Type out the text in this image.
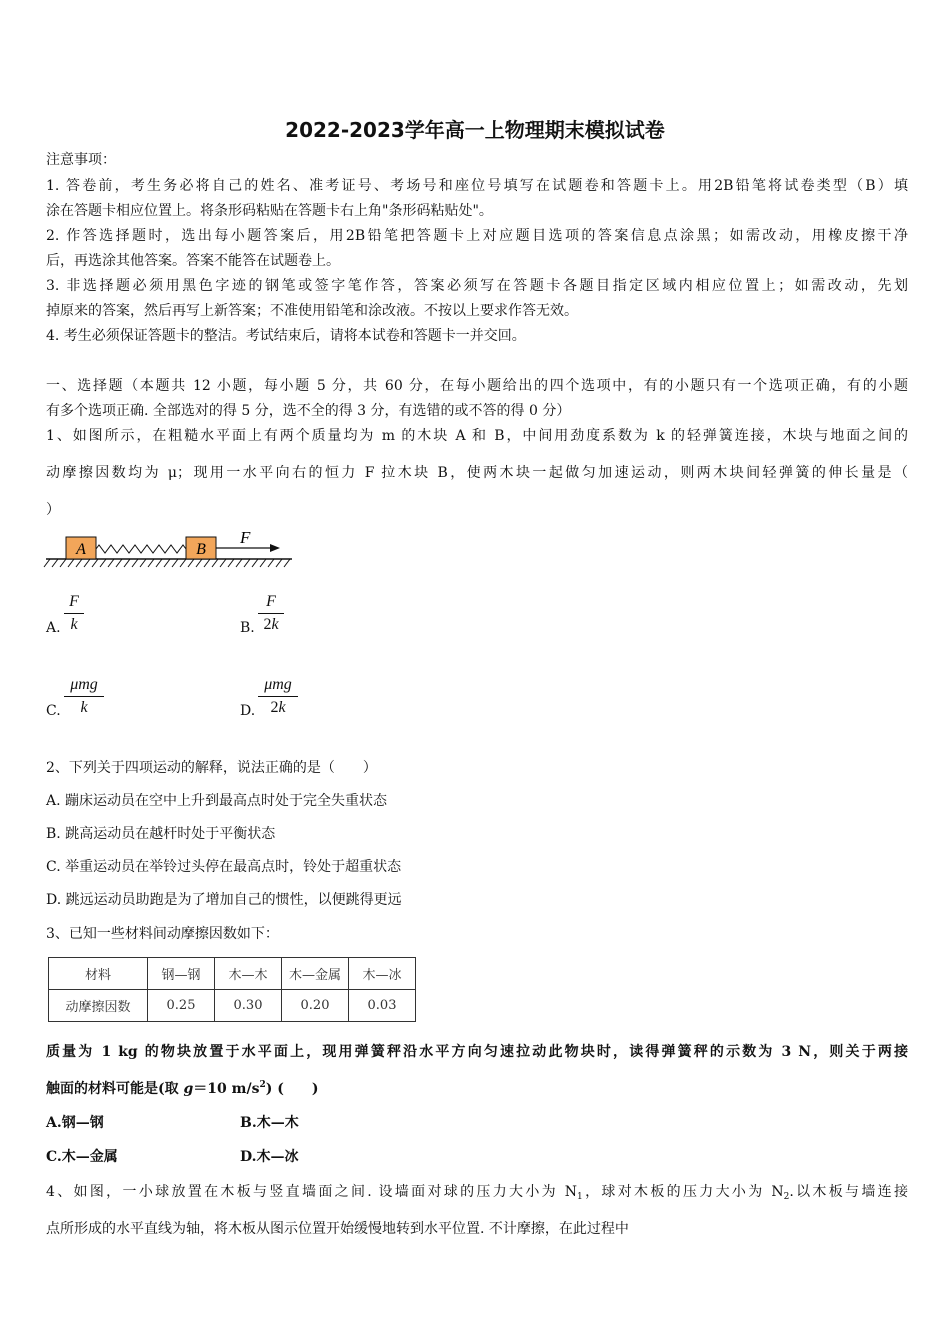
2022-2023学年高一上物理期末模拟试卷
注意事项：
1. 答卷前，考生务必将自己的姓名、准考证号、考场号和座位号填写在试题卷和答题卡上。用2B铅笔将试卷类型（B）填
涂在答题卡相应位置上。将条形码粘贴在答题卡右上角"条形码粘贴处"。
2. 作答选择题时，选出每小题答案后，用2B铅笔把答题卡上对应题目选项的答案信息点涂黑；如需改动，用橡皮擦干净
后，再选涂其他答案。答案不能答在试题卷上。
3. 非选择题必须用黑色字迹的钢笔或签字笔作答，答案必须写在答题卡各题目指定区域内相应位置上；如需改动，先划
掉原来的答案，然后再写上新答案；不准使用铅笔和涂改液。不按以上要求作答无效。
4. 考生必须保证答题卡的整洁。考试结束后，请将本试卷和答题卡一并交回。
一、选择题（本题共 12 小题，每小题 5 分，共 60 分，在每小题给出的四个选项中，有的小题只有一个选项正确，有的小题
有多个选项正确. 全部选对的得 5 分，选不全的得 3 分，有选错的或不答的得 0 分）
1、如图所示，在粗糙水平面上有两个质量均为 m 的木块 A 和 B，中间用劲度系数为 k 的轻弹簧连接，木块与地面之间的
动摩擦因数均为 μ；现用一水平向右的恒力 F 拉木块 B，使两木块一起做匀加速运动，则两木块间轻弹簧的伸长量是（
）
A	B
F
A.
F
k	B.
F
2k
C.
μmg
k	D.
μmg
2k
2、下列关于四项运动的解释，说法正确的是（　　）
A. 蹦床运动员在空中上升到最高点时处于完全失重状态
B. 跳高运动员在越杆时处于平衡状态
C. 举重运动员在举铃过头停在最高点时，铃处于超重状态
D. 跳远运动员助跑是为了增加自己的惯性，以便跳得更远
3、已知一些材料间动摩擦因数如下：
材料	钢—钢	木—木	木—金属	木—冰
动摩擦因数	0.25	0.30	0.20	0.03
质量为 1 kg 的物块放置于水平面上，现用弹簧秤沿水平方向匀速拉动此物块时，读得弹簧秤的示数为 3 N，则关于两接
触面的材料可能是(取 g＝10 $m/s^2$) (　　)
A.钢—钢	B.木—木
C.木—金属	D.木—冰
4、如图，一小球放置在木板与竖直墙面之间. 设墙面对球的压力大小为 $N_1$，球对木板的压力大小为 $N_2$.以木板与墙连接
点所形成的水平直线为轴，将木板从图示位置开始缓慢地转到水平位置. 不计摩擦，在此过程中
